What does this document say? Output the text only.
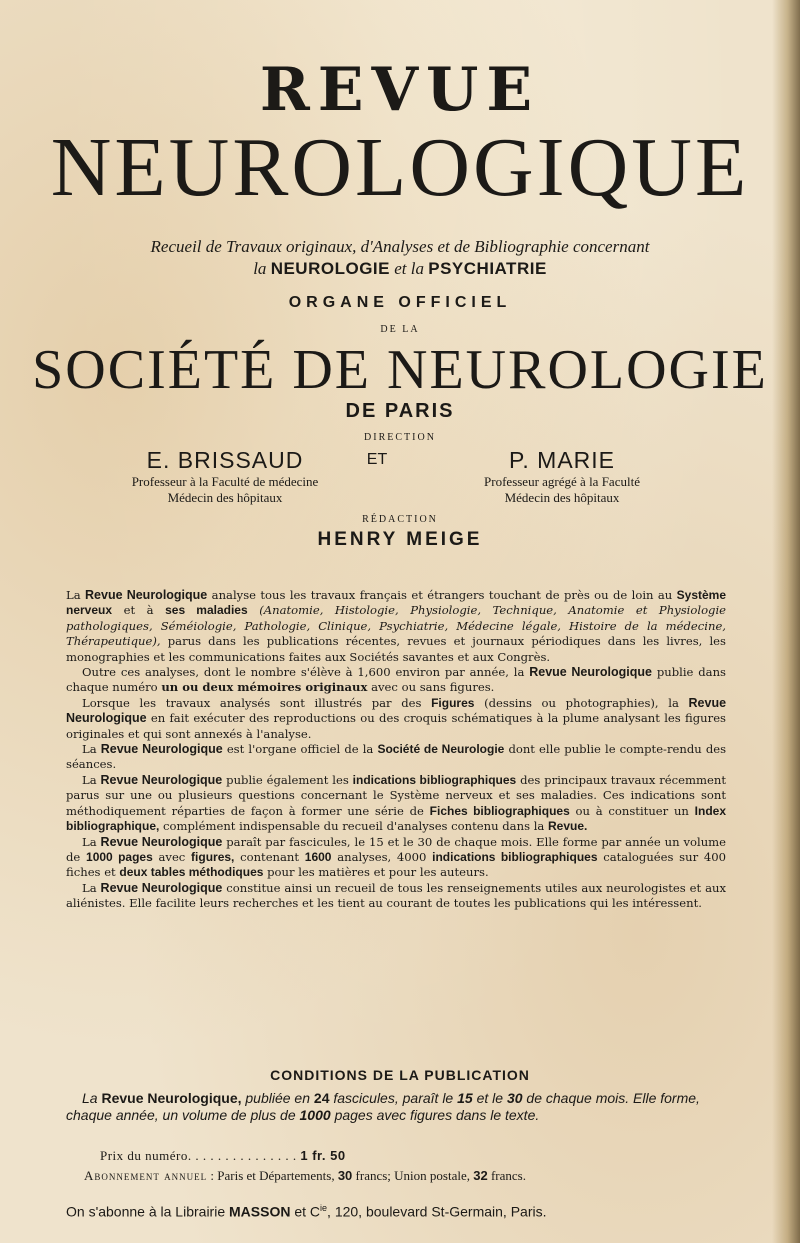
REVUE
NEUROLOGIQUE
Recueil de Travaux originaux, d'Analyses et de Bibliographie concernant
la NEUROLOGIE et la PSYCHIATRIE
ORGANE OFFICIEL
DE LA
SOCIÉTÉ DE NEUROLOGIE
DE PARIS
DIRECTION
E. BRISSAUD
Professeur à la Faculté de médecine
Médecin des hôpitaux
P. MARIE
Professeur agrégé à la Faculté
Médecin des hôpitaux
ET
RÉDACTION
HENRY MEIGE

La Revue Neurologique analyse tous les travaux français et étrangers touchant de près ou de loin au Système nerveux et à ses maladies (Anatomie, Histologie, Physiologie, Technique, Anatomie et Physiologie pathologiques, Séméiologie, Pathologie, Clinique, Psychiatrie, Médecine légale, Histoire de la médecine, Thérapeutique), parus dans les publications récentes, revues et journaux périodiques dans les livres, les monographies et les communications faites aux Sociétés savantes et aux Congrès.

Outre ces analyses, dont le nombre s'élève à 1,600 environ par année, la Revue Neurologique publie dans chaque numéro un ou deux mémoires originaux avec ou sans figures.

Lorsque les travaux analysés sont illustrés par des Figures (dessins ou photographies), la Revue Neurologique en fait exécuter des reproductions ou des croquis schématiques à la plume analysant les figures originales et qui sont annexés à l'analyse.

La Revue Neurologique est l'organe officiel de la Société de Neurologie dont elle publie le compte-rendu des séances.

La Revue Neurologique publie également les indications bibliographiques des principaux travaux récemment parus sur une ou plusieurs questions concernant le Système nerveux et ses maladies. Ces indications sont méthodiquement réparties de façon à former une série de Fiches bibliographiques ou à constituer un Index bibliographique, complément indispensable du recueil d'analyses contenu dans la Revue.

La Revue Neurologique paraît par fascicules, le 15 et le 30 de chaque mois. Elle forme par année un volume de 1000 pages avec figures, contenant 1600 analyses, 4000 indications bibliographiques cataloguées sur 400 fiches et deux tables méthodiques pour les matières et pour les auteurs.

La Revue Neurologique constitue ainsi un recueil de tous les renseignements utiles aux neurologistes et aux aliénistes. Elle facilite leurs recherches et les tient au courant de toutes les publications qui les intéressent.

CONDITIONS DE LA PUBLICATION

La Revue Neurologique, publiée en 24 fascicules, paraît le 15 et le 30 de chaque mois. Elle forme, chaque année, un volume de plus de 1000 pages avec figures dans le texte.

Prix du numéro. . . . . . . . . . . . . . . 1 fr. 50
Abonnement annuel : Paris et Départements, 30 francs; Union postale, 32 francs.
On s'abonne à la Librairie MASSON et $C^{ie}$, 120, boulevard St-Germain, Paris.
